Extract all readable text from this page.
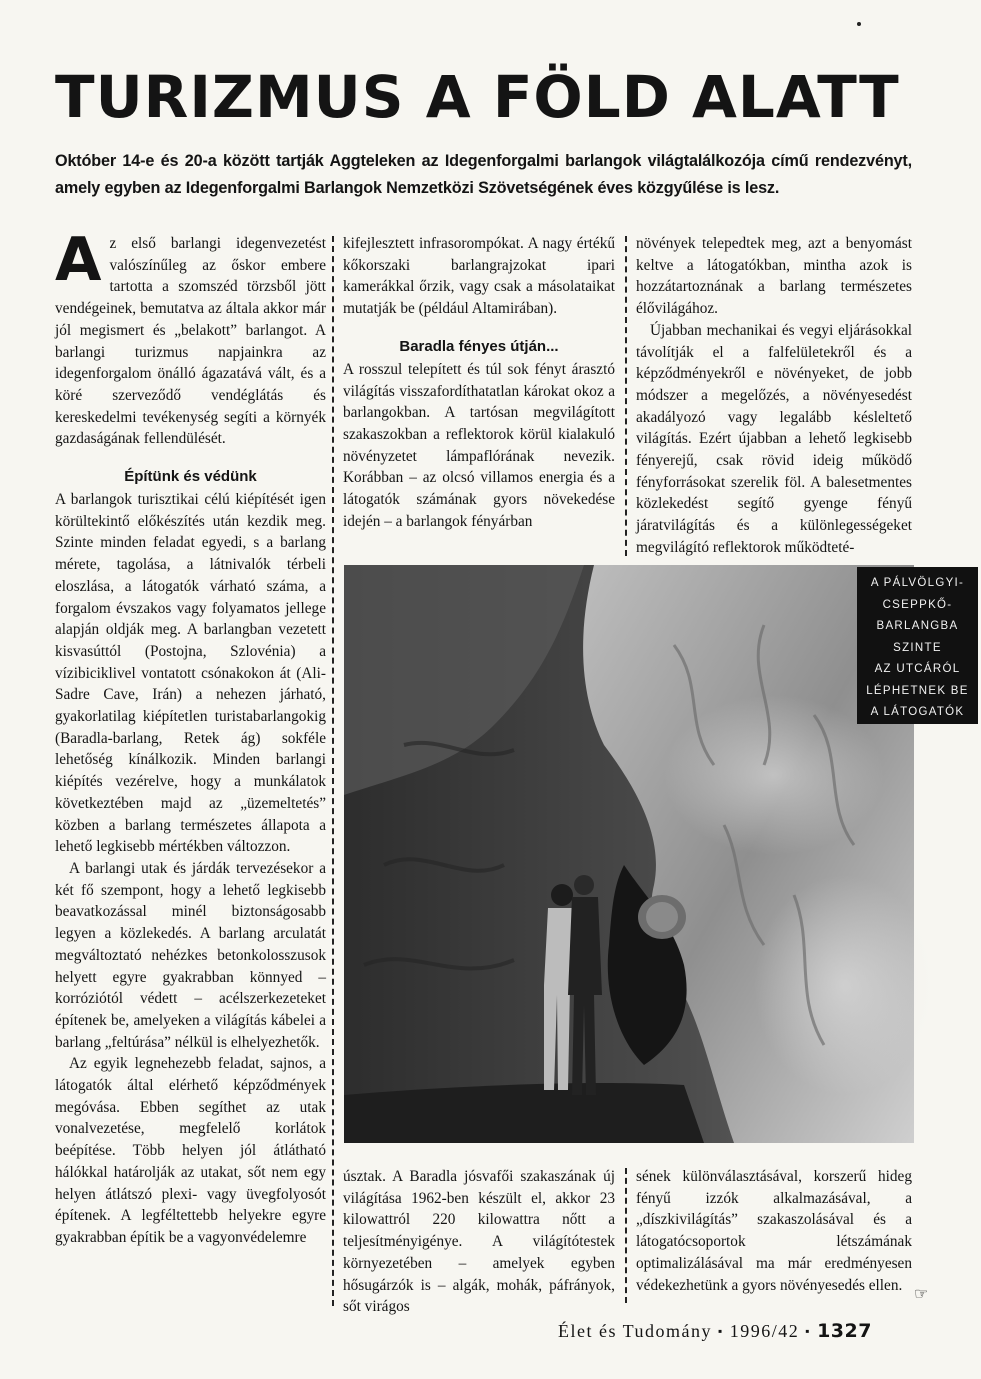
TURIZMUS A FÖLD ALATT

Október 14-e és 20-a között tartják Aggteleken az Idegenforgalmi barlangok világtalálkozója című rendezvényt, amely egyben az Idegenforgalmi Barlangok Nemzetközi Szövetségének éves közgyűlése is lesz.

Az első barlangi idegenvezetést valószínűleg az őskor embere tartotta a szomszéd törzsből jött vendégeinek, bemutatva az általa akkor már jól megismert és „belakott” barlangot. A barlangi turizmus napjainkra az idegenforgalom önálló ágazatává vált, és a köré szerveződő vendéglátás és kereskedelmi tevékenység segíti a környék gazdaságának fellendülését.

Építünk és védünk

A barlangok turisztikai célú kiépítését igen körültekintő előkészítés után kezdik meg. Szinte minden feladat egyedi, s a barlang mérete, tagolása, a látnivalók térbeli eloszlása, a látogatók várható száma, a forgalom évszakos vagy folyamatos jellege alapján oldják meg. A barlangban vezetett kisvasúttól (Postojna, Szlovénia) a vízibiciklivel vontatott csónakokon át (Ali-Sadre Cave, Irán) a nehezen járható, gyakorlatilag kiépítetlen turistabarlangokig (Baradla-barlang, Retek ág) sokféle lehetőség kínálkozik. Minden barlangi kiépítés vezérelve, hogy a munkálatok következtében majd az „üzemeltetés” közben a barlang természetes állapota a lehető legkisebb mértékben változzon.

A barlangi utak és járdák tervezésekor a két fő szempont, hogy a lehető legkisebb beavatkozással minél biztonságosabb legyen a közlekedés. A barlang arculatát megváltoztató nehézkes betonkolosszusok helyett egyre gyakrabban könnyed – korróziótól védett – acélszerkezeteket építenek be, amelyeken a világítás kábelei a barlang „feltúrása” nélkül is elhelyezhetők.

Az egyik legnehezebb feladat, sajnos, a látogatók által elérhető képződmények megóvása. Ebben segíthet az utak vonalvezetése, megfelelő korlátok beépítése. Több helyen jól átlátható hálókkal határolják az utakat, sőt nem egy helyen átlátszó plexi- vagy üvegfolyosót építenek. A legféltettebb helyekre egyre gyakrabban építik be a vagyonvédelemre

kifejlesztett infrasorompókat. A nagy értékű kőkorszaki barlangrajzokat ipari kamerákkal őrzik, vagy csak a másolataikat mutatják be (például Altamirában).

Baradla fényes útján...

A rosszul telepített és túl sok fényt árasztó világítás visszafordíthatatlan károkat okoz a barlangokban. A tartósan megvilágított szakaszokban a reflektorok körül kialakuló növényzetet lámpaflórának nevezik. Korábban – az olcsó villamos energia és a látogatók számának gyors növekedése idején – a barlangok fényárban

növények telepedtek meg, azt a benyomást keltve a látogatókban, mintha azok is hozzátartoznának a barlang természetes élővilágához.

Újabban mechanikai és vegyi eljárásokkal távolítják el a falfelületekről és a képződményekről e növényeket, de jobb módszer a megelőzés, a növényesedést akadályozó vagy legalább késleltető világítás. Ezért újabban a lehető legkisebb fényerejű, csak rövid ideig működő fényforrásokat szerelik föl. A balesetmentes közlekedést segítő gyenge fényű járatvilágítás és a különlegességeket megvilágító reflektorok működteté-

A PÁLVÖLGYI-
CSEPPKŐ-
BARLANGBA
SZINTE
AZ UTCÁRÓL
LÉPHETNEK BE
A LÁTOGATÓK

úsztak. A Baradla jósvafői szakaszának új világítása 1962-ben készült el, akkor 23 kilowattról 220 kilowattra nőtt a teljesítményigénye. A világítótestek környezetében – amelyek egyben hősugárzók is – algák, mohák, páfrányok, sőt virágos

sének különválasztásával, korszerű hideg fényű izzók alkalmazásával, a „díszkivilágítás” szakaszolásával és a látogatócsoportok létszámának optimalizálásával ma már eredményesen védekezhetünk a gyors növényesedés ellen.

☞
Élet és Tudomány ▪ 1996/42 ▪ 1327
